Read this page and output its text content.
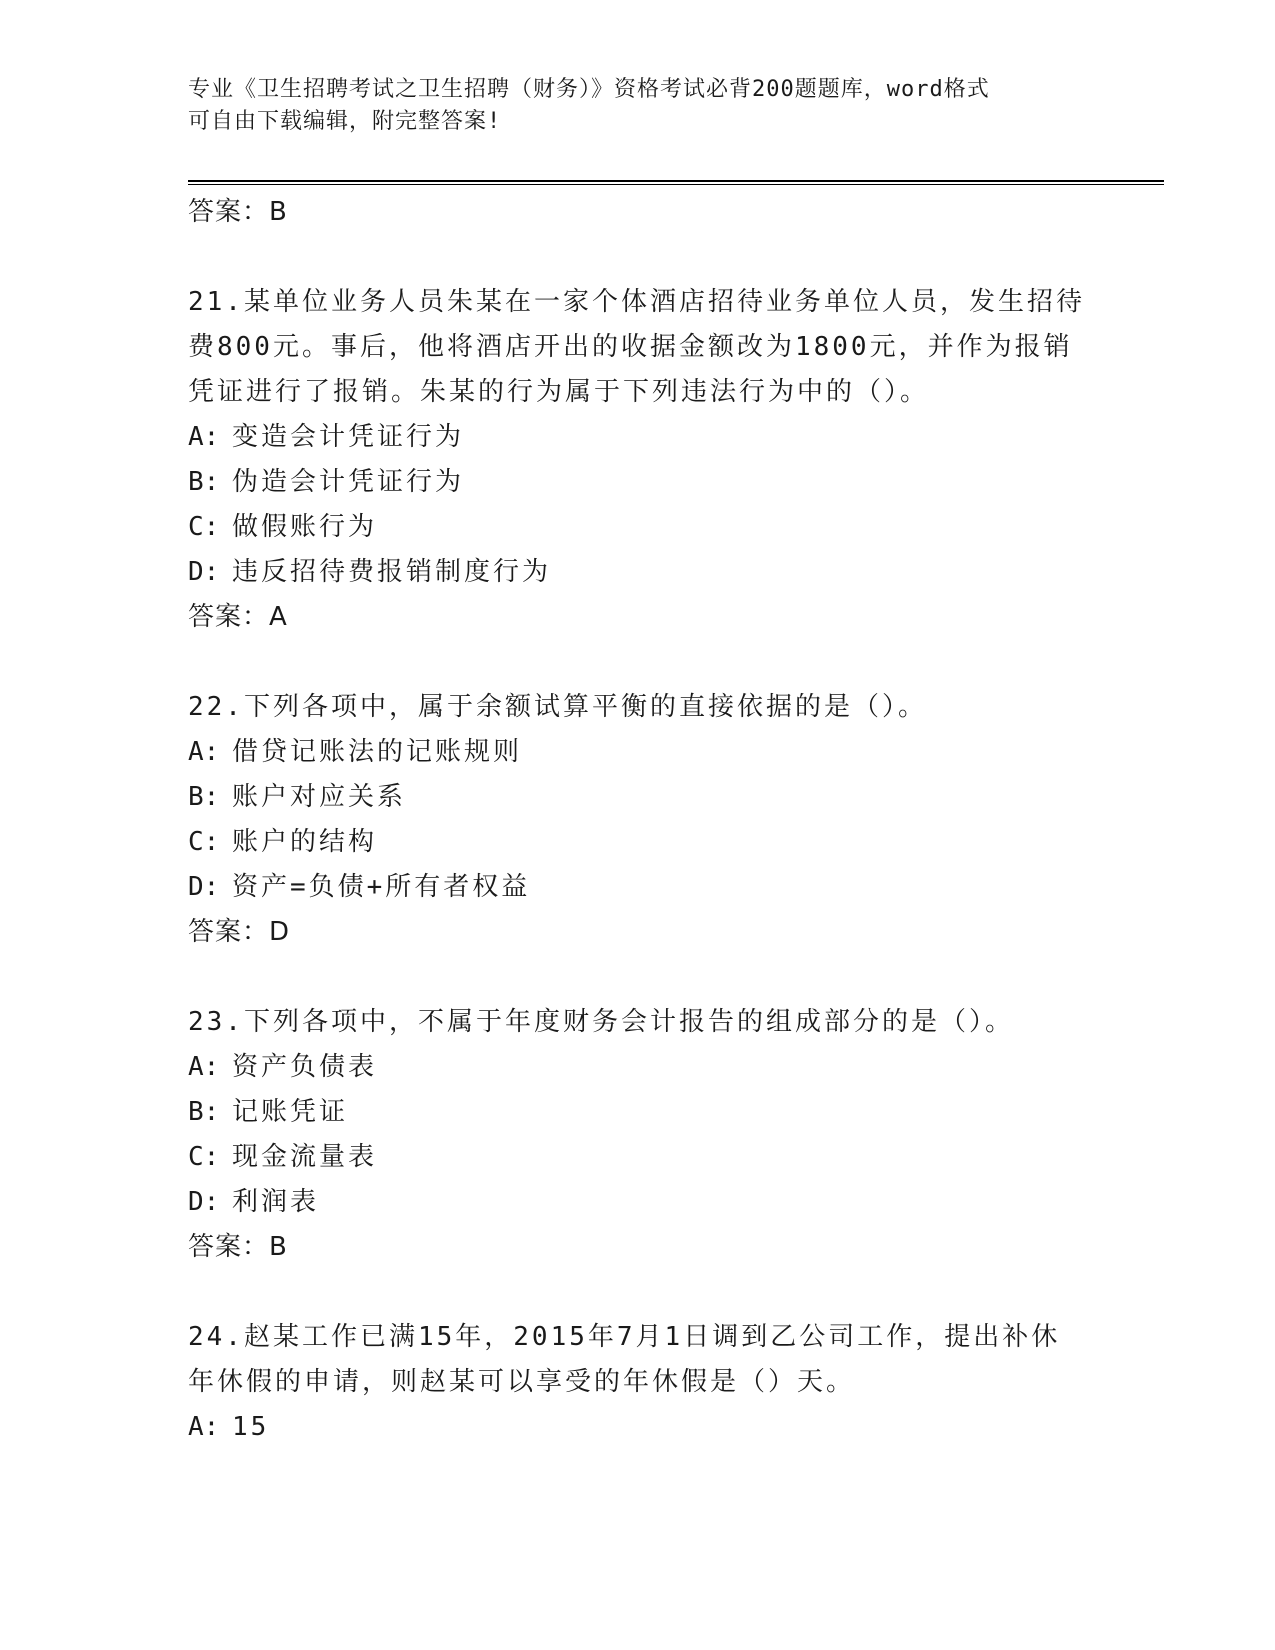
专业《卫生招聘考试之卫生招聘（财务）》资格考试必背200题题库，word格式
可自由下载编辑，附完整答案!
答案：B
21.某单位业务人员朱某在一家个体酒店招待业务单位人员，发生招待费800元。事后，他将酒店开出的收据金额改为1800元，并作为报销凭证进行了报销。朱某的行为属于下列违法行为中的（）。
A: 变造会计凭证行为
B: 伪造会计凭证行为
C: 做假账行为
D: 违反招待费报销制度行为
答案：A
22.下列各项中，属于余额试算平衡的直接依据的是（）。
A: 借贷记账法的记账规则
B: 账户对应关系
C: 账户的结构
D: 资产=负债+所有者权益
答案：D
23.下列各项中，不属于年度财务会计报告的组成部分的是（）。
A: 资产负债表
B: 记账凭证
C: 现金流量表
D: 利润表
答案：B
24.赵某工作已满15年，2015年7月1日调到乙公司工作，提出补休年休假的申请，则赵某可以享受的年休假是（）天。
A: 15
